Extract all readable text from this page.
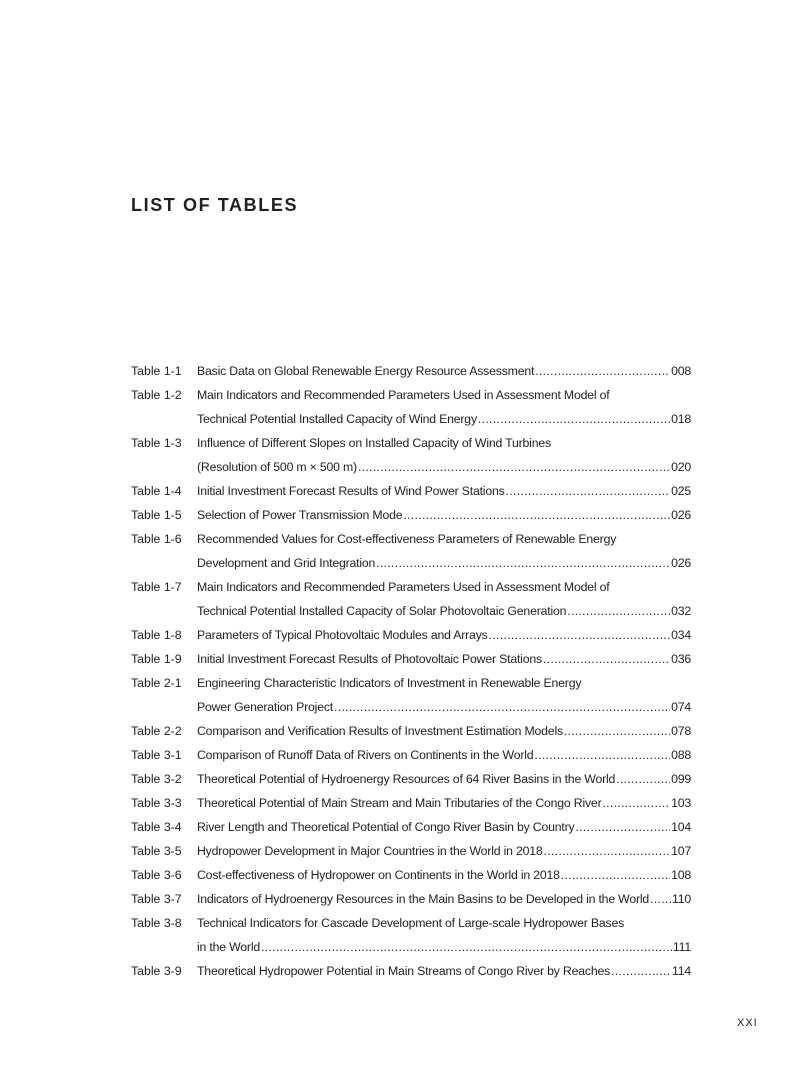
LIST OF TABLES
Table 1-1	Basic Data on Global Renewable Energy Resource Assessment .....	008
Table 1-2	Main Indicators and Recommended Parameters Used in Assessment Model of
Technical Potential Installed Capacity of Wind Energy .....	018
Table 1-3	Influence of Different Slopes on Installed Capacity of Wind Turbines
(Resolution of 500 m × 500 m) .....	020
Table 1-4	Initial Investment Forecast Results of Wind Power Stations .....	025
Table 1-5	Selection of Power Transmission Mode .....	026
Table 1-6	Recommended Values for Cost-effectiveness Parameters of Renewable Energy
Development and Grid Integration .....	026
Table 1-7	Main Indicators and Recommended Parameters Used in Assessment Model of
Technical Potential Installed Capacity of Solar Photovoltaic Generation .....	032
Table 1-8	Parameters of Typical Photovoltaic Modules and Arrays .....	034
Table 1-9	Initial Investment Forecast Results of Photovoltaic Power Stations .....	036
Table 2-1	Engineering Characteristic Indicators of Investment in Renewable Energy
Power Generation Project .....	074
Table 2-2	Comparison and Verification Results of Investment Estimation Models .....	078
Table 3-1	Comparison of Runoff Data of Rivers on Continents in the World .....	088
Table 3-2	Theoretical Potential of Hydroenergy Resources of 64 River Basins in the World .....	099
Table 3-3	Theoretical Potential of Main Stream and Main Tributaries of the Congo River .....	103
Table 3-4	River Length and Theoretical Potential of Congo River Basin by Country .....	104
Table 3-5	Hydropower Development in Major Countries in the World in 2018 .....	107
Table 3-6	Cost-effectiveness of Hydropower on Continents in the World in 2018 .....	108
Table 3-7	Indicators of Hydroenergy Resources in the Main Basins to be Developed in the World ..... 110
Table 3-8	Technical Indicators for Cascade Development of Large-scale Hydropower Bases
in the World .....	111
Table 3-9	Theoretical Hydropower Potential in Main Streams of Congo River by Reaches .....	114
XXI
